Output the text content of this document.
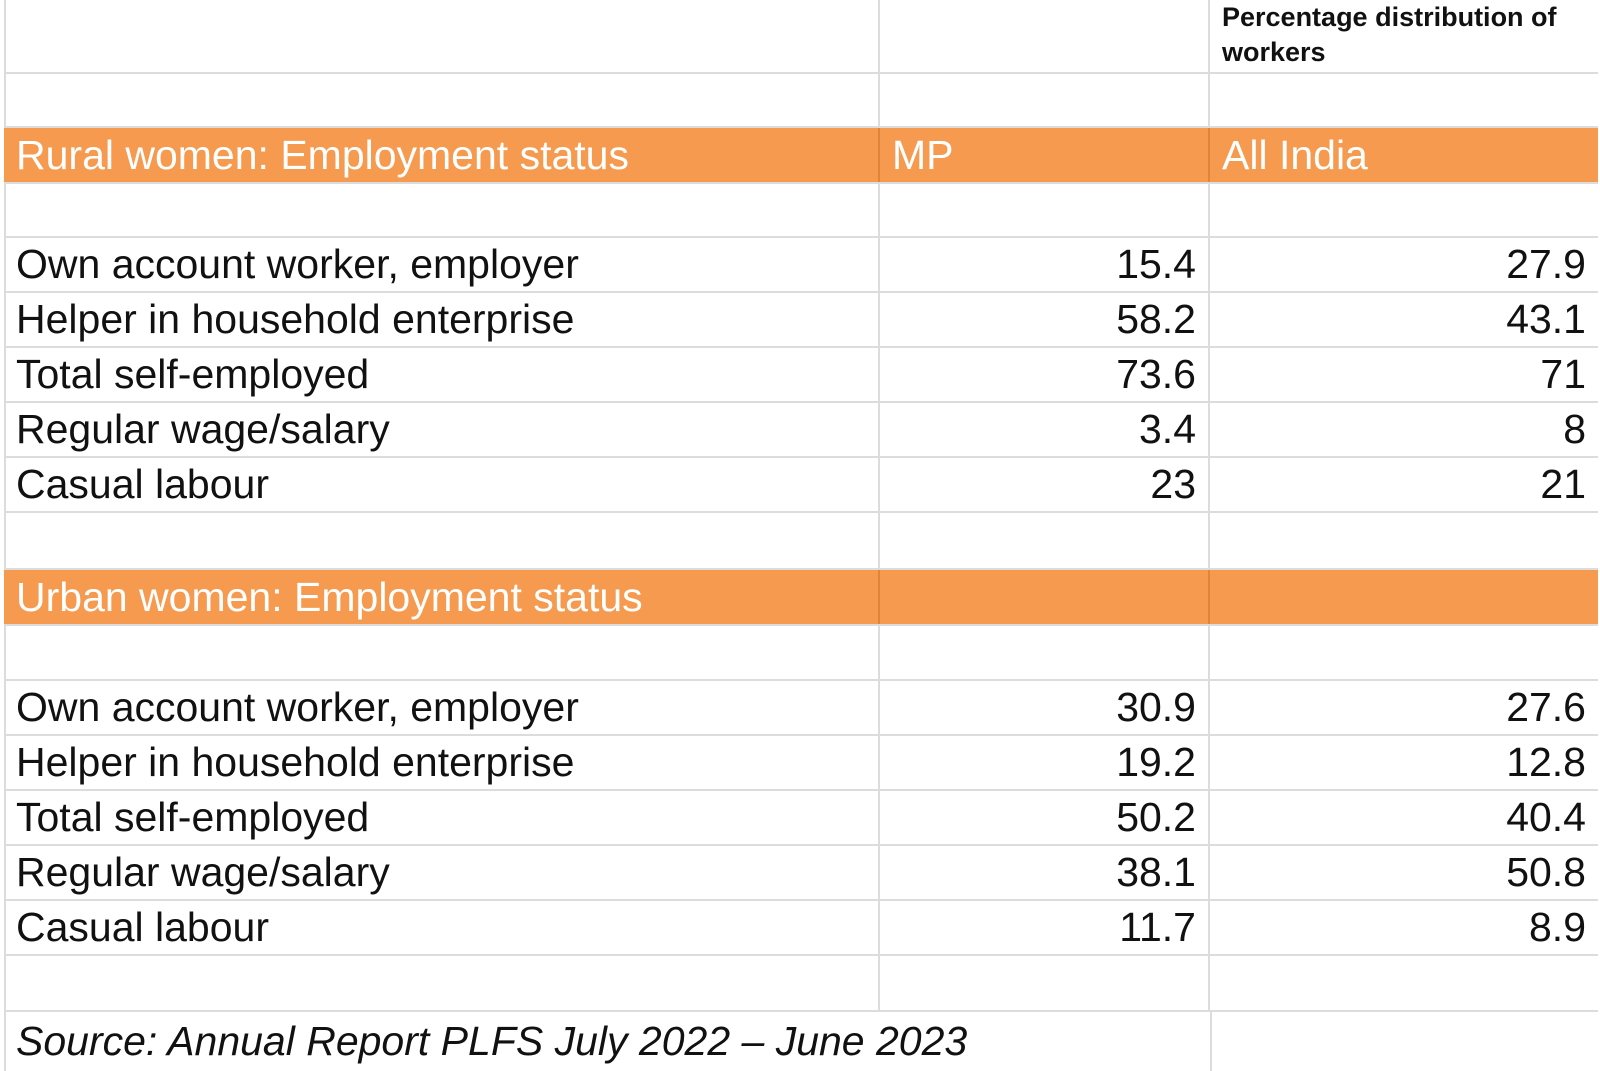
Percentage distribution of workers
Rural women: Employment status	MP	All India
Own account worker, employer	15.4	27.9
Helper in household enterprise	58.2	43.1
Total self-employed	73.6	71
Regular wage/salary	3.4	8
Casual labour	23	21
Urban women: Employment status
Own account worker, employer	30.9	27.6
Helper in household enterprise	19.2	12.8
Total self-employed	50.2	40.4
Regular wage/salary	38.1	50.8
Casual labour	11.7	8.9
Source: Annual Report PLFS July 2022 – June 2023
